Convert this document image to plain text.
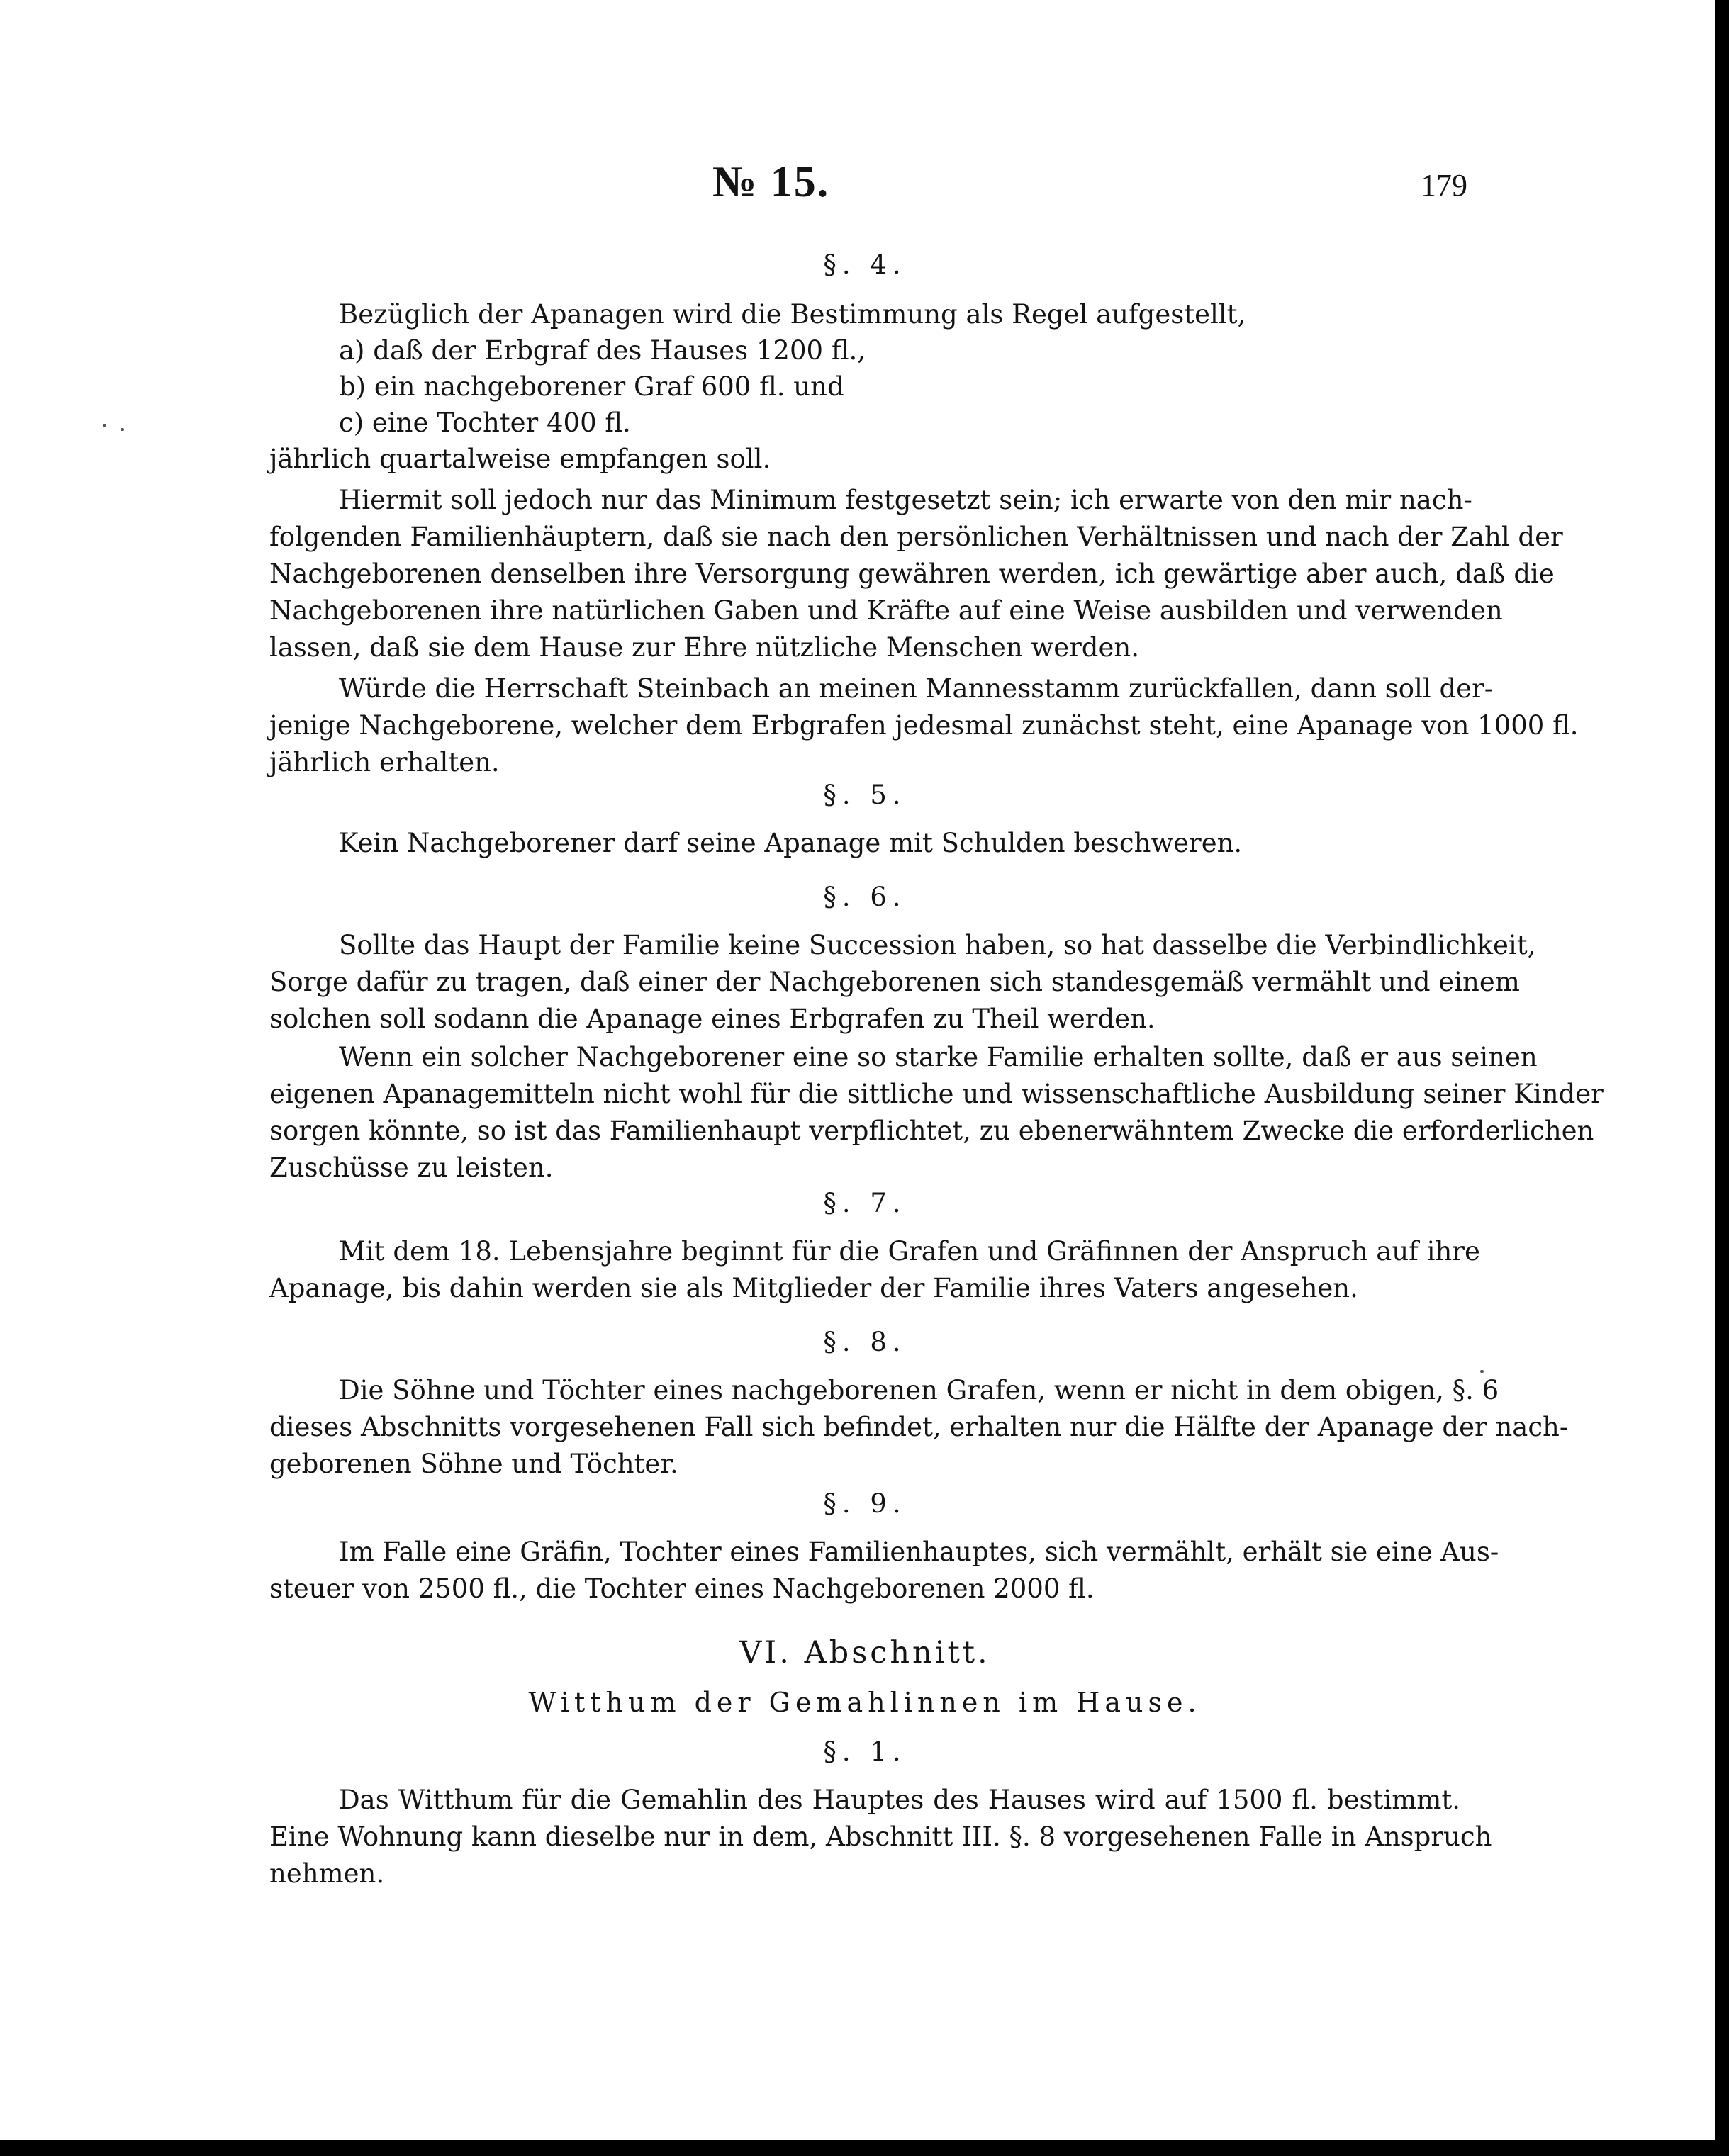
№ 15.	179
§. 4.
Bezüglich der Apanagen wird die Bestimmung als Regel aufgestellt,
a) daß der Erbgraf des Hauses 1200 fl.,
b) ein nachgeborener Graf 600 fl. und
c) eine Tochter 400 fl.
jährlich quartalweise empfangen soll.
Hiermit soll jedoch nur das Minimum festgesetzt sein; ich erwarte von den mir nach-
folgenden Familienhäuptern, daß sie nach den persönlichen Verhältnissen und nach der Zahl der
Nachgeborenen denselben ihre Versorgung gewähren werden, ich gewärtige aber auch, daß die
Nachgeborenen ihre natürlichen Gaben und Kräfte auf eine Weise ausbilden und verwenden
lassen, daß sie dem Hause zur Ehre nützliche Menschen werden.
Würde die Herrschaft Steinbach an meinen Mannesstamm zurückfallen, dann soll der-
jenige Nachgeborene, welcher dem Erbgrafen jedesmal zunächst steht, eine Apanage von 1000 fl.
jährlich erhalten.
§. 5.
Kein Nachgeborener darf seine Apanage mit Schulden beschweren.
§. 6.
Sollte das Haupt der Familie keine Succession haben, so hat dasselbe die Verbindlichkeit,
Sorge dafür zu tragen, daß einer der Nachgeborenen sich standesgemäß vermählt und einem
solchen soll sodann die Apanage eines Erbgrafen zu Theil werden.
Wenn ein solcher Nachgeborener eine so starke Familie erhalten sollte, daß er aus seinen
eigenen Apanagemitteln nicht wohl für die sittliche und wissenschaftliche Ausbildung seiner Kinder
sorgen könnte, so ist das Familienhaupt verpflichtet, zu ebenerwähntem Zwecke die erforderlichen
Zuschüsse zu leisten.
§. 7.
Mit dem 18. Lebensjahre beginnt für die Grafen und Gräfinnen der Anspruch auf ihre
Apanage, bis dahin werden sie als Mitglieder der Familie ihres Vaters angesehen.
§. 8.
Die Söhne und Töchter eines nachgeborenen Grafen, wenn er nicht in dem obigen, §. 6
dieses Abschnitts vorgesehenen Fall sich befindet, erhalten nur die Hälfte der Apanage der nach-
geborenen Söhne und Töchter.
§. 9.
Im Falle eine Gräfin, Tochter eines Familienhauptes, sich vermählt, erhält sie eine Aus-
steuer von 2500 fl., die Tochter eines Nachgeborenen 2000 fl.
VI. Abschnitt.
Witthum der Gemahlinnen im Hause.
§. 1.
Das Witthum für die Gemahlin des Hauptes des Hauses wird auf 1500 fl. bestimmt.
Eine Wohnung kann dieselbe nur in dem, Abschnitt III. §. 8 vorgesehenen Falle in Anspruch
nehmen.
